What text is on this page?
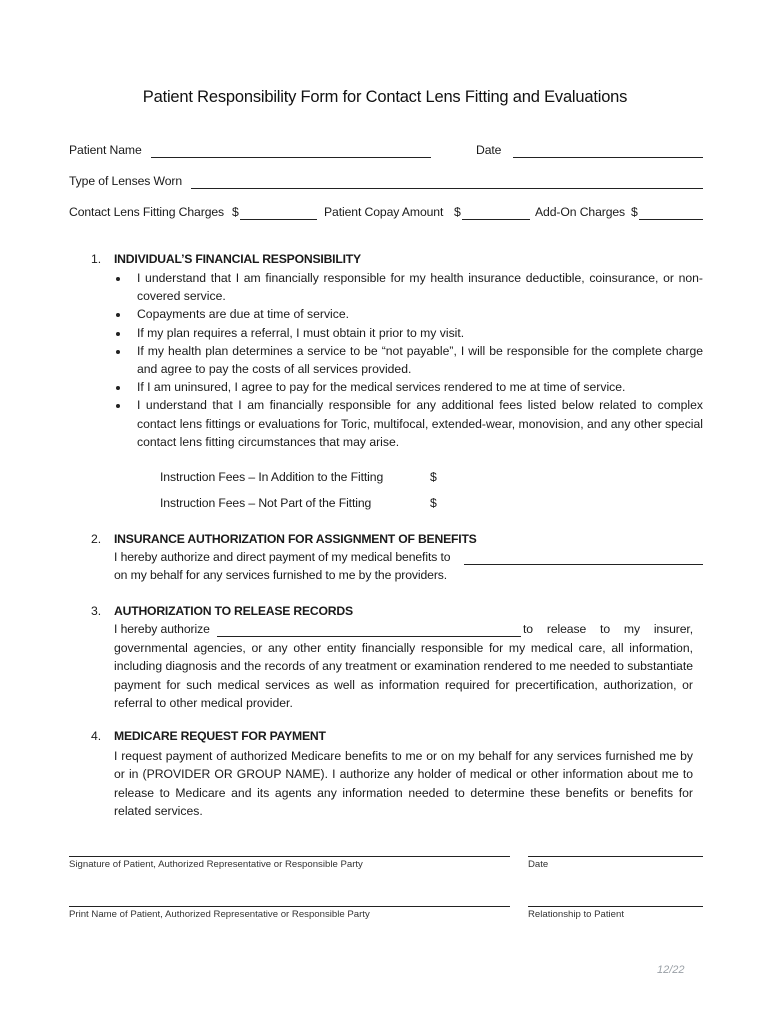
Patient Responsibility Form for Contact Lens Fitting and Evaluations
Patient Name	Date
Type of Lenses Worn
Contact Lens Fitting Charges $	Patient Copay Amount $	Add-On Charges $
1. INDIVIDUAL’S FINANCIAL RESPONSIBILITY
I understand that I am financially responsible for my health insurance deductible, coinsurance, or non-covered service.
Copayments are due at time of service.
If my plan requires a referral, I must obtain it prior to my visit.
If my health plan determines a service to be “not payable”, I will be responsible for the complete charge and agree to pay the costs of all services provided.
If I am uninsured, I agree to pay for the medical services rendered to me at time of service.
I understand that I am financially responsible for any additional fees listed below related to complex contact lens fittings or evaluations for Toric, multifocal, extended-wear, monovision, and any other special contact lens fitting circumstances that may arise.
Instruction Fees – In Addition to the Fitting	$
Instruction Fees – Not Part of the Fitting	$
2. INSURANCE AUTHORIZATION FOR ASSIGNMENT OF BENEFITS
I hereby authorize and direct payment of my medical benefits to
on my behalf for any services furnished to me by the providers.
3. AUTHORIZATION TO RELEASE RECORDS
I hereby authorize	to release to my insurer,
governmental agencies, or any other entity financially responsible for my medical care, all information, including diagnosis and the records of any treatment or examination rendered to me needed to substantiate payment for such medical services as well as information required for precertification, authorization, or referral to other medical provider.
4. MEDICARE REQUEST FOR PAYMENT
I request payment of authorized Medicare benefits to me or on my behalf for any services furnished me by or in (PROVIDER OR GROUP NAME). I authorize any holder of medical or other information about me to release to Medicare and its agents any information needed to determine these benefits or benefits for related services.
Signature of Patient, Authorized Representative or Responsible Party	Date
Print Name of Patient, Authorized Representative or Responsible Party	Relationship to Patient
12/22
